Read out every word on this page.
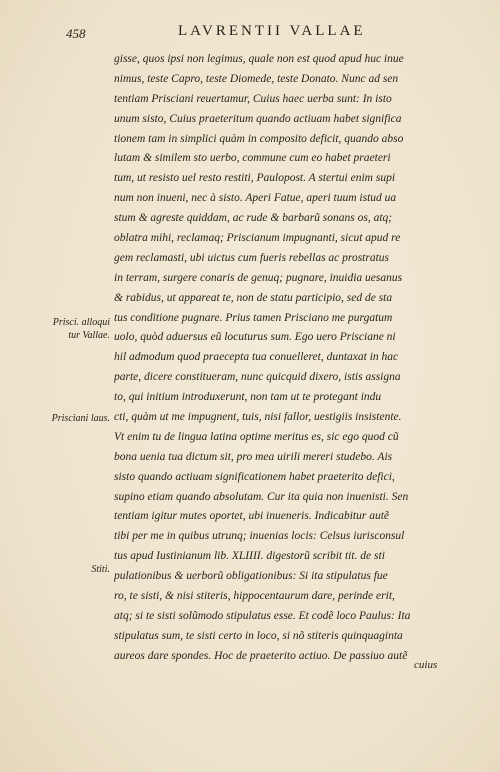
458	LAVRENTII VALLAE
Prisci. alloqui
tur Vallae.
Prisciani laus.
Stiti.
gisse, quos ipsi non legimus, quale non est quod apud huc inue
nimus, teste Capro, teste Diomede, teste Donato. Nunc ad sen
tentiam Prisciani reuertamur, Cuius haec uerba sunt: In isto
unum sisto, Cuius praeteritum quando actiuam habet significa
tionem tam in simplici quàm in composito deficit, quando abso
lutam & similem sto uerbo, commune cum eo habet praeteri
tum, ut resisto uel resto restiti, Paulopost. A stertui enim supi
num non inueni, nec à sisto. Aperi Fatue, aperi tuum istud ua
stum & agreste quiddam, ac rude & barbarũ sonans os, atq;
oblatra mihi, reclamaq; Priscianum impugnanti, sicut apud re
gem reclamasti, ubi uictus cum fueris rebellas ac prostratus
in terram, surgere conaris de genuq; pugnare, inuidia uesanus
& rabidus, ut appareat te, non de statu participio, sed de sta
tus conditione pugnare. Prius tamen Prisciano me purgatum
uolo, quòd aduersus eũ locuturus sum. Ego uero Prisciane ni
hil admodum quod praecepta tua conuelleret, duntaxat in hac
parte, dicere constitueram, nunc quicquid dixero, istis assigna
to, qui initium introduxerunt, non tam ut te protegant indu
cti, quàm ut me impugnent, tuis, nisi fallor, uestigiis insistente.
Vt enim tu de lingua latina optime meritus es, sic ego quod cũ
bona uenia tua dictum sit, pro mea uirili mereri studebo. Ais
sisto quando actiuam significationem habet praeterito defici,
supino etiam quando absolutam. Cur ita quia non inuenisti. Sen
tentiam igitur mutes oportet, ubi inueneris. Indicabitur autẽ
tibi per me in quibus utrunq; inuenias locis: Celsus iurisconsul
tus apud Iustinianum lib. XLIIII. digestorũ scribit tit. de sti
pulationibus & uerborũ obligationibus: Si ita stipulatus fue
ro, te sisti, & nisi stiteris, hippocentaurum dare, perinde erit,
atq; si te sisti solũmodo stipulatus esse. Et codẽ loco Paulus: Ita
stipulatus sum, te sisti certo in loco, si nõ stiteris quinquaginta
aureos dare spondes. Hoc de praeterito actiuo. De passiuo autẽ
cuius
